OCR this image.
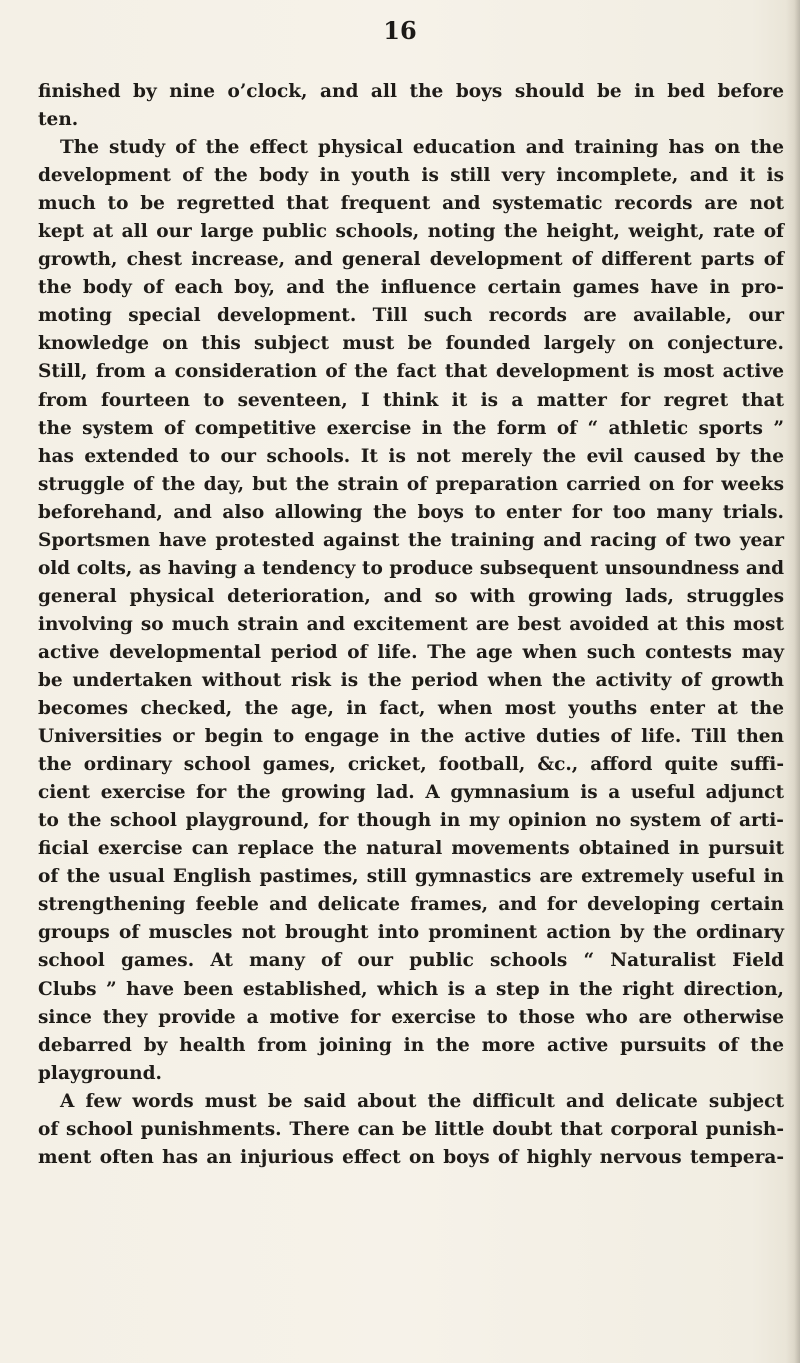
16

finished by nine o’clock, and all the boys should be in bed before
ten.
The study of the effect physical education and training has on the
development of the body in youth is still very incomplete, and it is
much to be regretted that frequent and systematic records are not
kept at all our large public schools, noting the height, weight, rate of
growth, chest increase, and general development of different parts of
the body of each boy, and the influence certain games have in pro-
moting special development. Till such records are available, our
knowledge on this subject must be founded largely on conjecture.
Still, from a consideration of the fact that development is most active
from fourteen to seventeen, I think it is a matter for regret that
the system of competitive exercise in the form of “ athletic sports ”
has extended to our schools. It is not merely the evil caused by the
struggle of the day, but the strain of preparation carried on for weeks
beforehand, and also allowing the boys to enter for too many trials.
Sportsmen have protested against the training and racing of two year
old colts, as having a tendency to produce subsequent unsoundness and
general physical deterioration, and so with growing lads, struggles
involving so much strain and excitement are best avoided at this most
active developmental period of life. The age when such contests may
be undertaken without risk is the period when the activity of growth
becomes checked, the age, in fact, when most youths enter at the
Universities or begin to engage in the active duties of life. Till then
the ordinary school games, cricket, football, &c., afford quite suffi-
cient exercise for the growing lad. A gymnasium is a useful adjunct
to the school playground, for though in my opinion no system of arti-
ficial exercise can replace the natural movements obtained in pursuit
of the usual English pastimes, still gymnastics are extremely useful in
strengthening feeble and delicate frames, and for developing certain
groups of muscles not brought into prominent action by the ordinary
school games. At many of our public schools “ Naturalist Field
Clubs ” have been established, which is a step in the right direction,
since they provide a motive for exercise to those who are otherwise
debarred by health from joining in the more active pursuits of the
playground.
A few words must be said about the difficult and delicate subject
of school punishments. There can be little doubt that corporal punish-
ment often has an injurious effect on boys of highly nervous tempera-
